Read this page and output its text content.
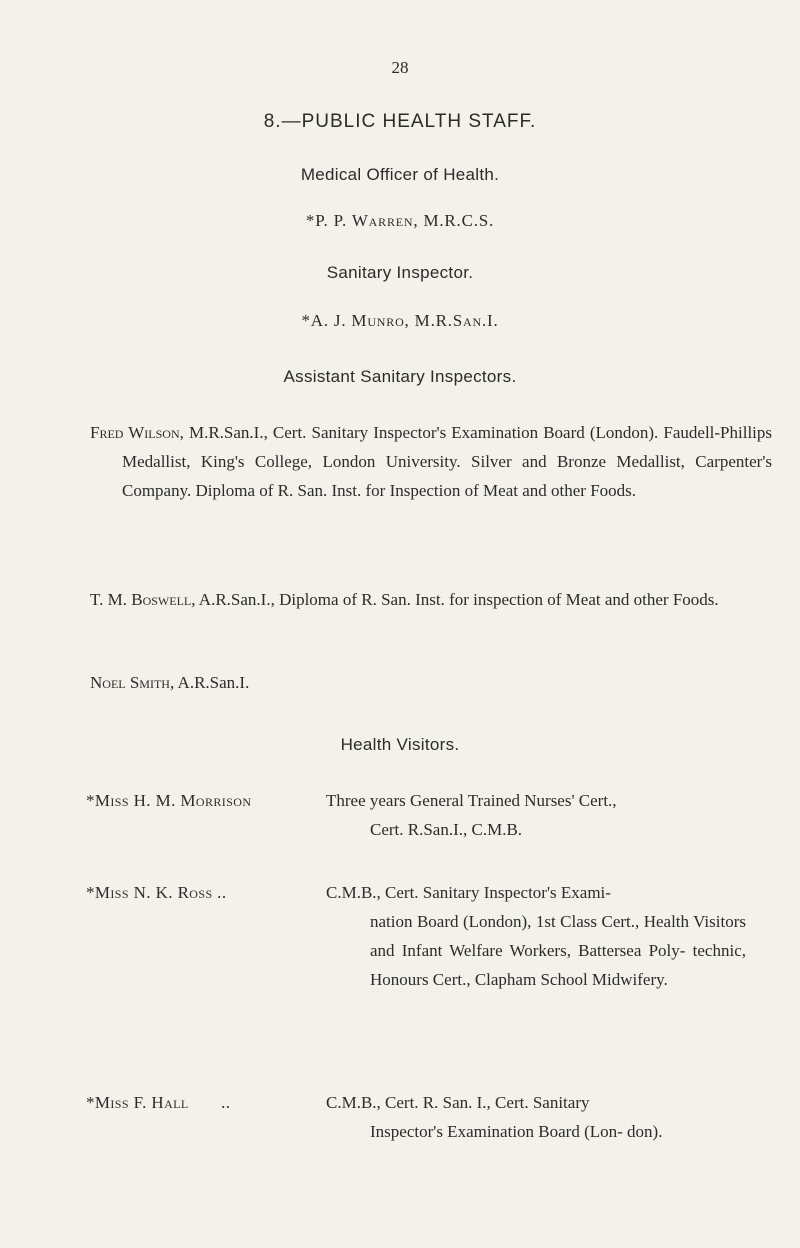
28
8.—PUBLIC HEALTH STAFF.
Medical Officer of Health.
*P. P. Warren, M.R.C.S.
Sanitary Inspector.
*A. J. Munro, M.R.San.I.
Assistant Sanitary Inspectors.
Fred Wilson, M.R.San.I., Cert. Sanitary Inspector's Examination Board (London). Faudell-Phillips Medallist, King's College, London University. Silver and Bronze Medallist, Carpenter's Company. Diploma of R. San. Inst. for Inspection of Meat and other Foods.
T. M. Boswell, A.R.San.I., Diploma of R. San. Inst. for inspection of Meat and other Foods.
Noel Smith, A.R.San.I.
Health Visitors.
*Miss H. M. Morrison	Three years General Trained Nurses' Cert.,
Cert. R.San.I., C.M.B.
*Miss N. K. Ross ..	C.M.B., Cert. Sanitary Inspector's Exami-
nation Board (London), 1st Class Cert., Health Visitors and Infant Welfare Workers, Battersea Poly- technic, Honours Cert., Clapham School Midwifery.
*Miss F. Hall       ..	C.M.B., Cert. R. San. I., Cert. Sanitary
Inspector's Examination Board (Lon- don).
